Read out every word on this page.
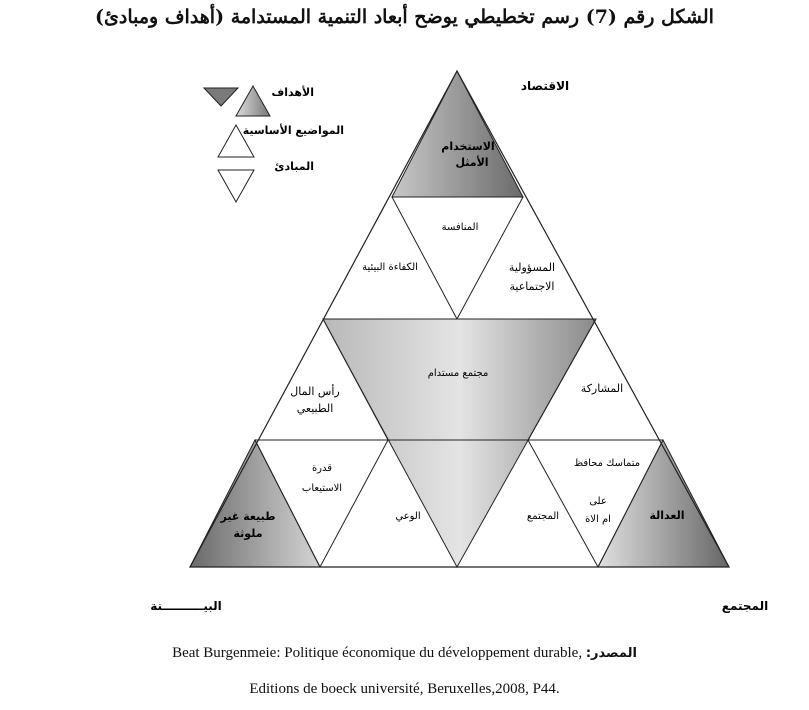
الشكل رقم (7) رسم تخطيطي يوضح أبعاد التنمية المستدامة (أهداف ومبادئ)
الأهداف
المواضيع الأساسية
المبادئ
الاقتصاد
البيــــــــــنة	المجتمع
الاستخدام
الأمثل
المنافسة
الكفاءة البيئية	المسؤولية
الاجتماعية
مجتمع مستدام
رأس المال
الطبيعي
المشاركة
قدرة
الاستيعاب
الوعي
متماسك محافظ
على
ام الاة
المجتمع
طبيعة غير
ملوثة
العدالة
Beat Burgenmeie: Politique économique du développement durable, المصدر:
Editions de boeck université, Beruxelles,2008, P44.
